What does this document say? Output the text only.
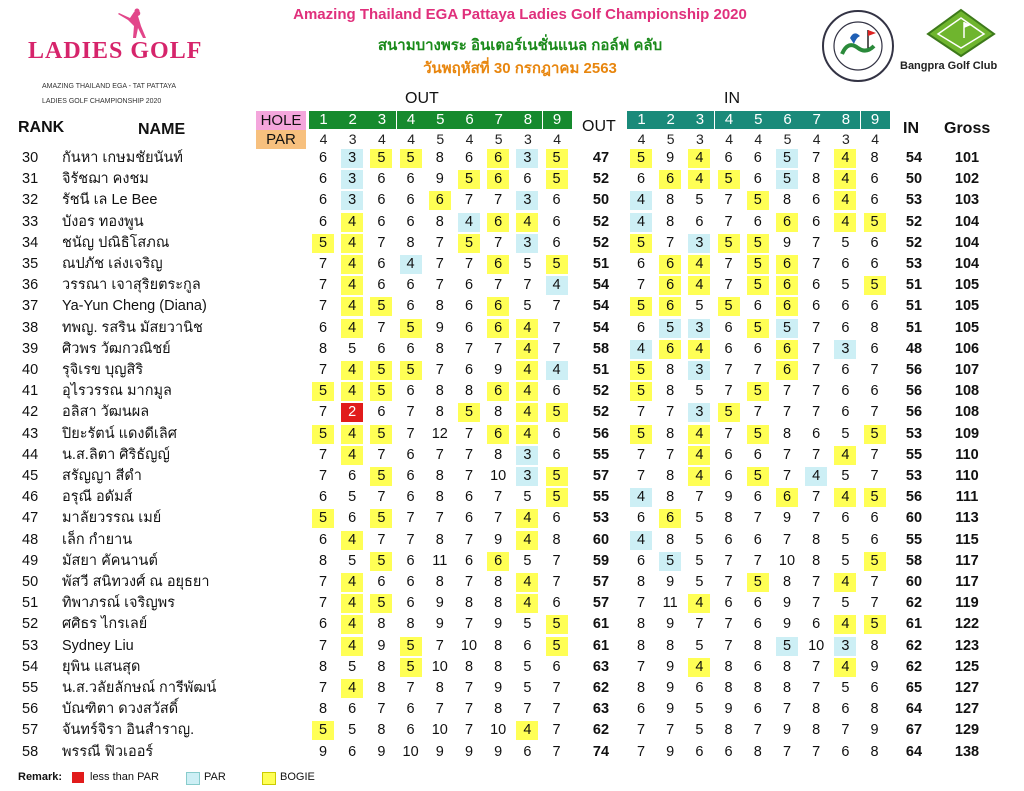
LADIES GOLF
AMAZING THAILAND EGA - TAT PATTAYA
LADIES GOLF CHAMPIONSHIP 2020
Amazing Thailand EGA Pattaya Ladies Golf Championship 2020
สนามบางพระ อินเตอร์เนชั่นแนล กอล์ฟ คลับ
วันพฤหัสที่ 30 กรกฎาคม 2563	Bangpra Golf Club
OUT	IN
RANK	NAME
HOLE
PAR
1	2	3	4	5	6	7	8	9	1	2	3	4	5	6	7	8	9
4	3	4	4	5	4	5	3	4	4	5	3	4	4	5	4	3	4
OUT	IN Gross
30	กันหา เกษมชัยนันท์	6	3	5	5	8	6	6	3	5	47	5	9	4	6	6	5	7	4	8	54	101
31	จิรัชฌา คงชม	6	3	6	6	9	5	6	6	5	52	6	6	4	5	6	5	8	4	6	50	102
32	รัชนี เล Le Bee	6	3	6	6	6	7	7	3	6	50	4	8	5	7	5	8	6	4	6	53	103
33	บังอร ทองพูน	6	4	6	6	8	4	6	4	6	52	4	8	6	7	6	6	6	4	5	52	104
34	ชนัญ ปณิธิโสภณ	5	4	7	8	7	5	7	3	6	52	5	7	3	5	5	9	7	5	6	52	104
35	ณปภัช เล่งเจริญ	7	4	6	4	7	7	6	5	5	51	6	6	4	7	5	6	7	6	6	53	104
36	วรรณา เจาสุริยตระกูล	7	4	6	6	7	6	7	7	4	54	7	6	4	7	5	6	6	5	5	51	105
37	Ya-Yun Cheng (Diana)	7	4	5	6	8	6	6	5	7	54	5	6	5	5	6	6	6	6	6	51	105
38	ทพญ. รสริน มัสยวานิช	6	4	7	5	9	6	6	4	7	54	6	5	3	6	5	5	7	6	8	51	105
39	ศิวพร วัฒกวณิชย์	8	5	6	6	8	7	7	4	7	58	4	6	4	6	6	6	7	3	6	48	106
40	รุจิเรข บุญสิริ	7	4	5	5	7	6	9	4	4	51	5	8	3	7	7	6	7	6	7	56	107
41	อุไรวรรณ มากมูล	5	4	5	6	8	8	6	4	6	52	5	8	5	7	5	7	7	6	6	56	108
42	อลิสา วัฒนผล	7	2	6	7	8	5	8	4	5	52	7	7	3	5	7	7	7	6	7	56	108
43	ปิยะรัตน์ แดงดีเลิศ	5	4	5	7	12	7	6	4	6	56	5	8	4	7	5	8	6	5	5	53	109
44	น.ส.ลิตา ศิริธัญญ์	7	4	7	6	7	7	8	3	6	55	7	7	4	6	6	7	7	4	7	55	110
45	สรัญญา สีดำ	7	6	5	6	8	7	10	3	5	57	7	8	4	6	5	7	4	5	7	53	110
46	อรุณี อดัมส์	6	5	7	6	8	6	7	5	5	55	4	8	7	9	6	6	7	4	5	56	111
47	มาลัยวรรณ เมย์	5	6	5	7	7	6	7	4	6	53	6	6	5	8	7	9	7	6	6	60	113
48	เล็ก กำยาน	6	4	7	7	8	7	9	4	8	60	4	8	5	6	6	7	8	5	6	55	115
49	มัสยา คัคนานต์	8	5	5	6	11	6	6	5	7	59	6	5	5	7	7	10	8	5	5	58	117
50	พัสวี สนิทวงศ์ ณ อยุธยา	7	4	6	6	8	7	8	4	7	57	8	9	5	7	5	8	7	4	7	60	117
51	ทิพาภรณ์ เจริญพร	7	4	5	6	9	8	8	4	6	57	7	11	4	6	6	9	7	5	7	62	119
52	ศศิธร ไกรเลย์	6	4	8	8	9	7	9	5	5	61	8	9	7	7	6	9	6	4	5	61	122
53	Sydney Liu	7	4	9	5	7	10	8	6	5	61	8	8	5	7	8	5	10	3	8	62	123
54	ยุพิน แสนสุด	8	5	8	5	10	8	8	5	6	63	7	9	4	8	6	8	7	4	9	62	125
55	น.ส.วลัยลักษณ์ การีพัฒน์	7	4	8	7	8	7	9	5	7	62	8	9	6	8	8	8	7	5	6	65	127
56	บัณฑิตา ดวงสวัสดิ์	8	6	7	6	7	7	8	7	7	63	6	9	5	9	6	7	8	6	8	64	127
57	จันทร์จิรา อินสำราญ.	5	5	8	6	10	7	10	4	7	62	7	7	5	8	7	9	8	7	9	67	129
58	พรรณี ฟิวเออร์	9	6	9	10	9	9	9	6	7	74	7	9	6	6	8	7	7	6	8	64	138
Remark:	less than PAR	PAR	BOGIE
